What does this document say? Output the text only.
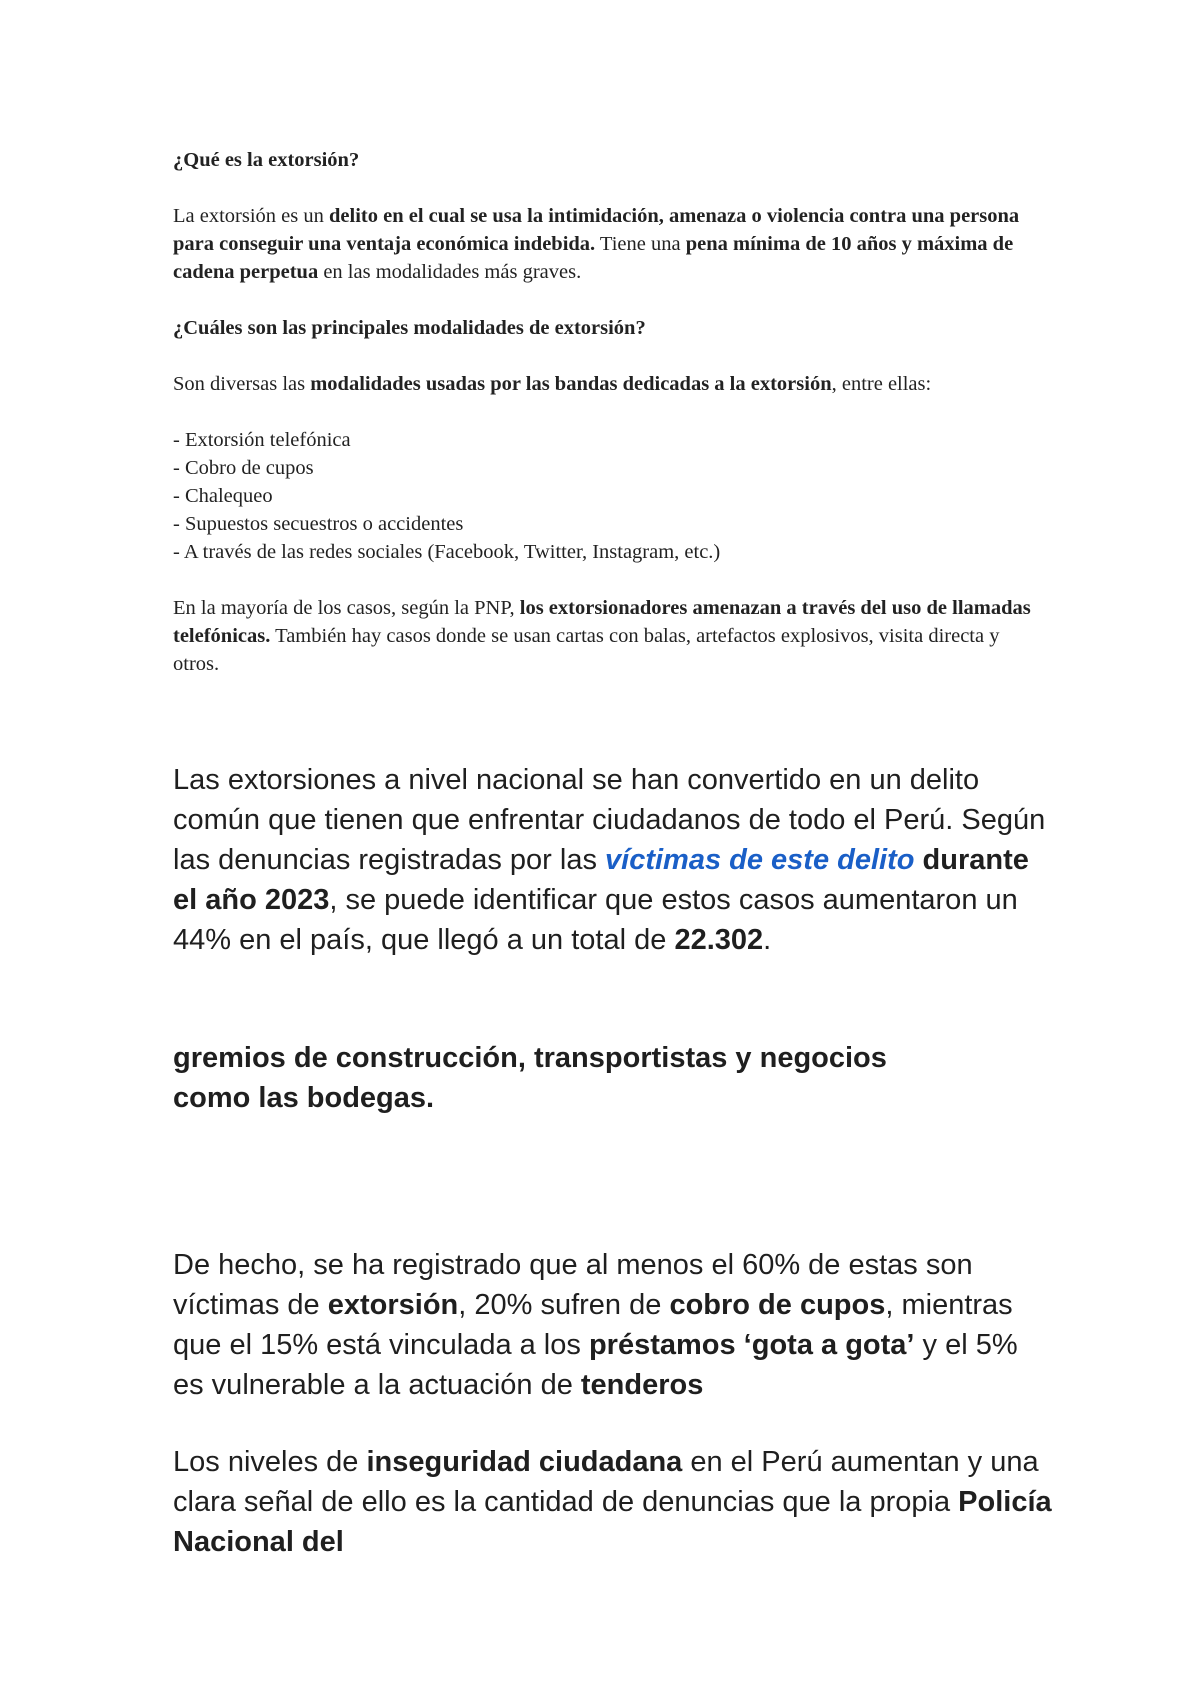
¿Qué es la extorsión?

La extorsión es un delito en el cual se usa la intimidación, amenaza o violencia contra una persona para conseguir una ventaja económica indebida. Tiene una pena mínima de 10 años y máxima de cadena perpetua en las modalidades más graves.

¿Cuáles son las principales modalidades de extorsión?

Son diversas las modalidades usadas por las bandas dedicadas a la extorsión, entre ellas:

- Extorsión telefónica

- Cobro de cupos

- Chalequeo

- Supuestos secuestros o accidentes

- A través de las redes sociales (Facebook, Twitter, Instagram, etc.)

En la mayoría de los casos, según la PNP, los extorsionadores amenazan a través del uso de llamadas telefónicas. También hay casos donde se usan cartas con balas, artefactos explosivos, visita directa y otros.

Las extorsiones a nivel nacional se han convertido en un delito común que tienen que enfrentar ciudadanos de todo el Perú. Según las denuncias registradas por las víctimas de este delito durante el año 2023, se puede identificar que estos casos aumentaron un 44% en el país, que llegó a un total de 22.302.

gremios de construcción, transportistas y negocios como las bodegas.

De hecho, se ha registrado que al menos el 60% de estas son víctimas de extorsión, 20% sufren de cobro de cupos, mientras que el 15% está vinculada a los préstamos ‘gota a gota’ y el 5% es vulnerable a la actuación de tenderos

Los niveles de inseguridad ciudadana en el Perú aumentan y una clara señal de ello es la cantidad de denuncias que la propia Policía Nacional del
